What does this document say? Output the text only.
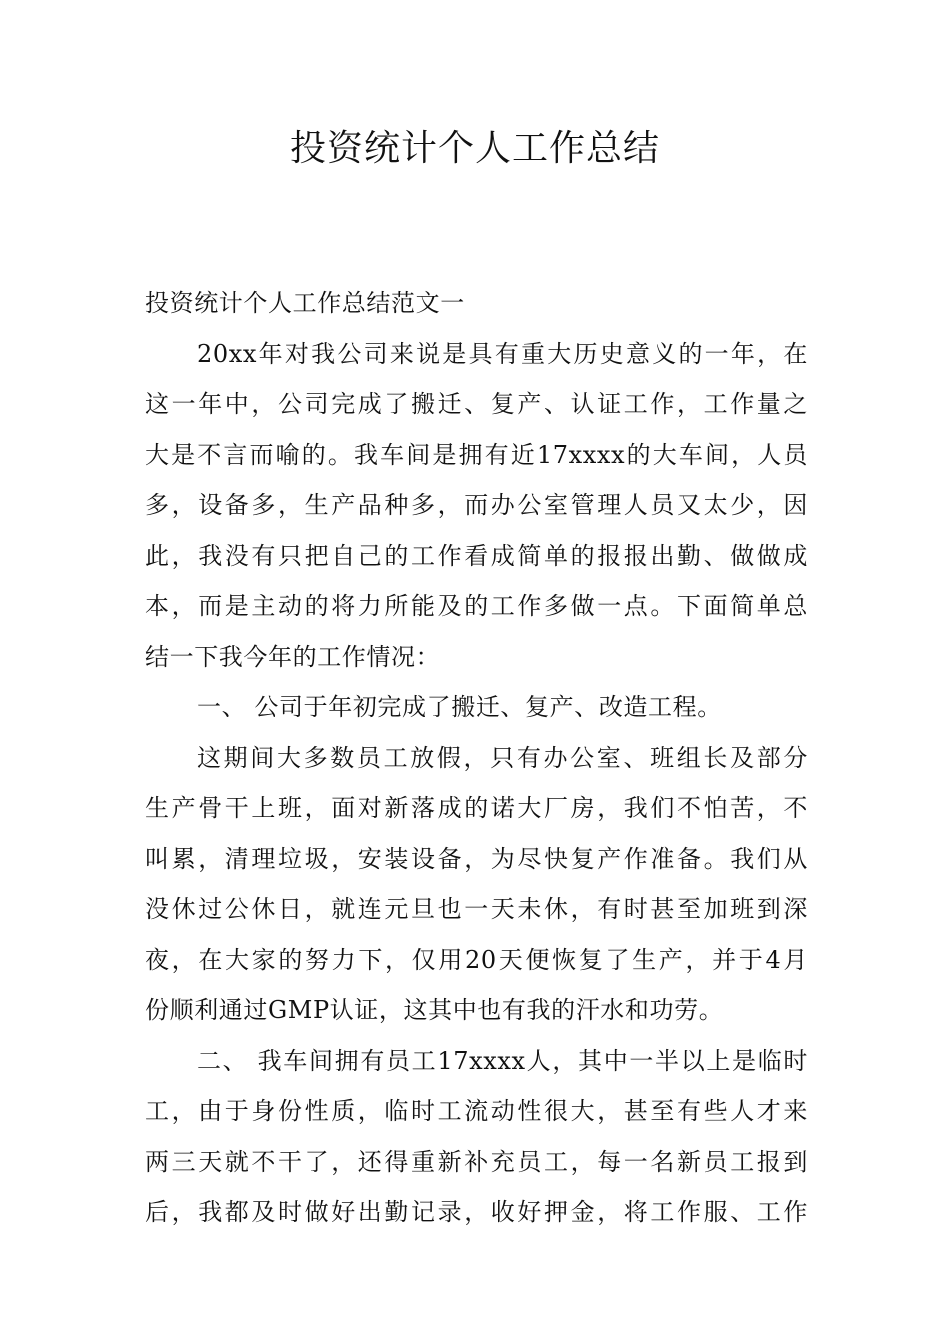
投资统计个人工作总结
投资统计个人工作总结范文一
20xx年对我公司来说是具有重大历史意义的一年，在
这一年中，公司完成了搬迁、复产、认证工作，工作量之
大是不言而喻的。我车间是拥有近17xxxx的大车间，人员
多，设备多，生产品种多，而办公室管理人员又太少，因
此，我没有只把自己的工作看成简单的报报出勤、做做成
本，而是主动的将力所能及的工作多做一点。下面简单总
结一下我今年的工作情况：
一、 公司于年初完成了搬迁、复产、改造工程。
这期间大多数员工放假，只有办公室、班组长及部分
生产骨干上班，面对新落成的诺大厂房，我们不怕苦，不
叫累，清理垃圾，安装设备，为尽快复产作准备。我们从
没休过公休日，就连元旦也一天未休，有时甚至加班到深
夜，在大家的努力下，仅用20天便恢复了生产，并于4月
份顺利通过GMP认证，这其中也有我的汗水和功劳。
二、 我车间拥有员工17xxxx人，其中一半以上是临时
工，由于身份性质，临时工流动性很大，甚至有些人才来
两三天就不干了，还得重新补充员工，每一名新员工报到
后，我都及时做好出勤记录，收好押金，将工作服、工作
